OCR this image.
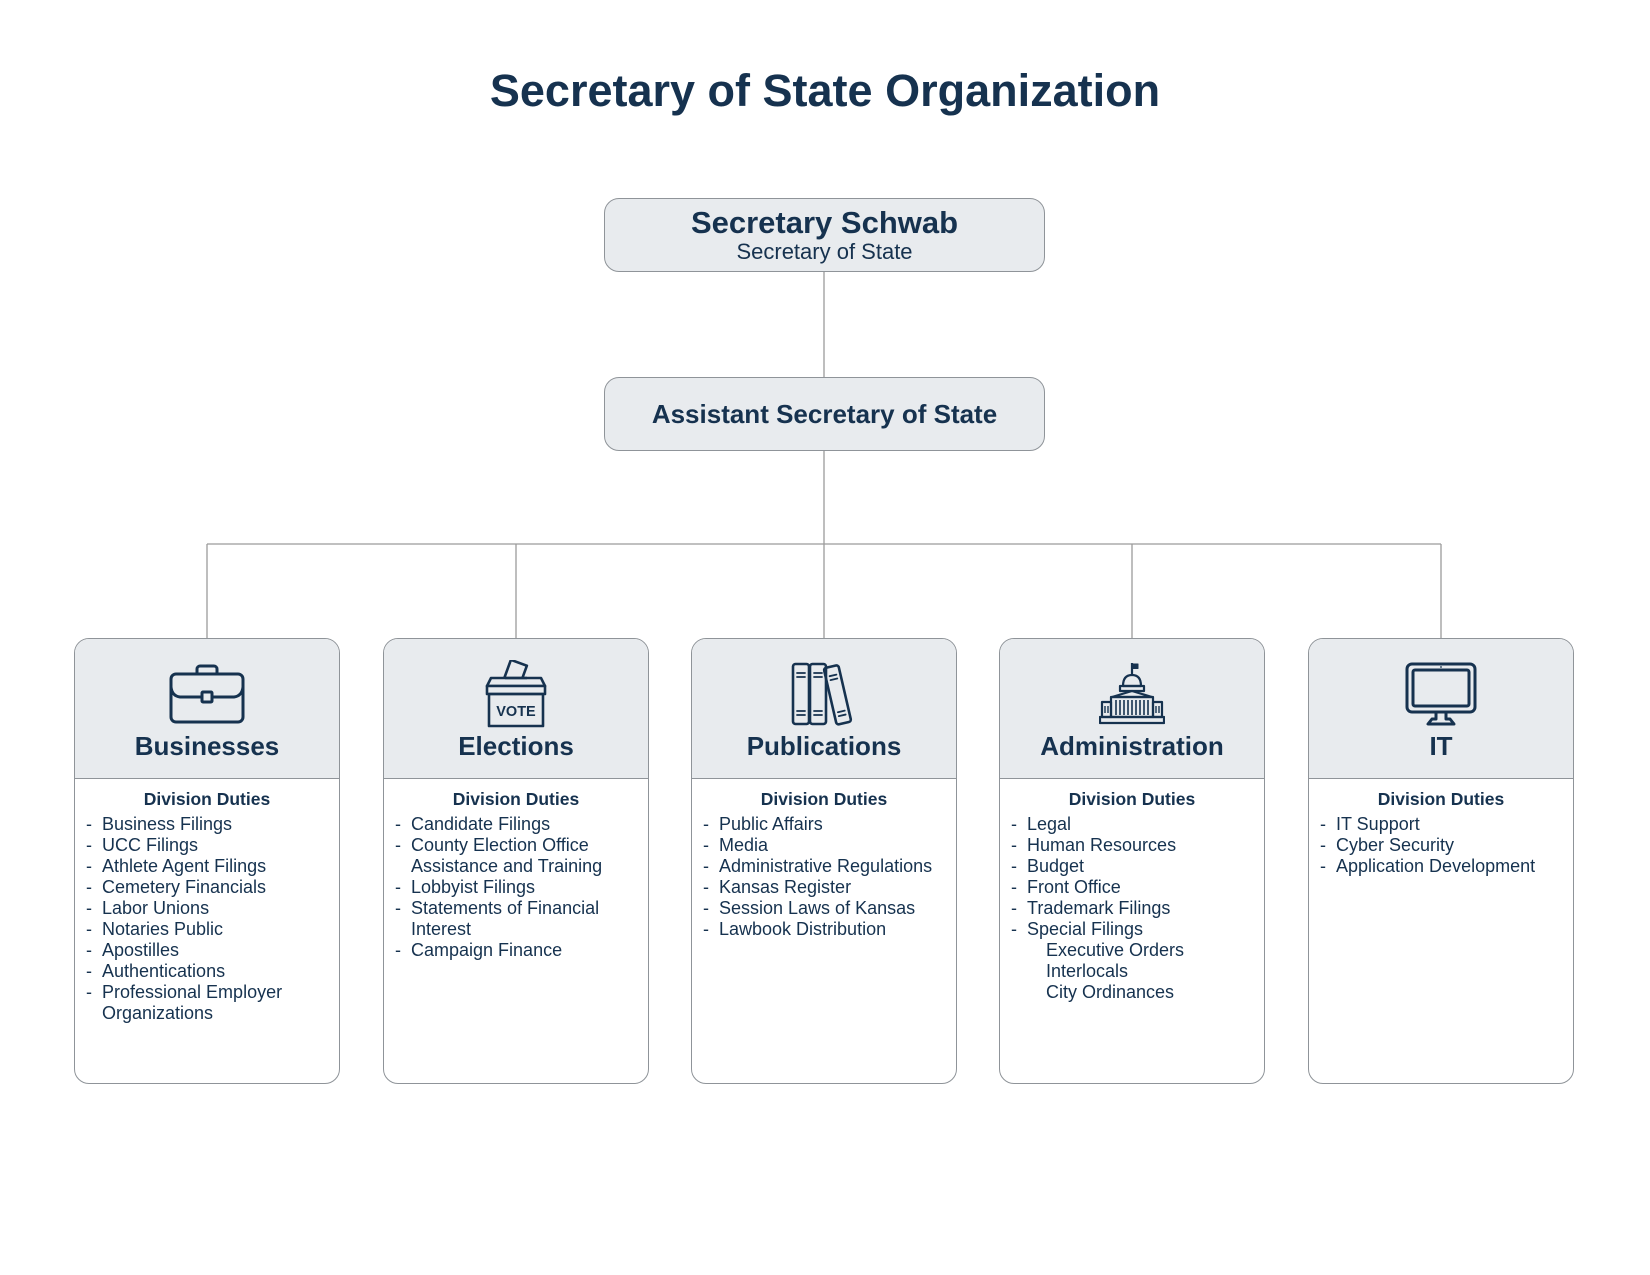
Secretary of State Organization
Secretary Schwab
Secretary of State
Assistant Secretary of State
Businesses
Division Duties
- Business Filings
- UCC Filings
- Athlete Agent Filings
- Cemetery Financials
- Labor Unions
- Notaries Public
- Apostilles
- Authentications
- Professional Employer Organizations
VOTE
Elections
Division Duties
- Candidate Filings
- County Election Office Assistance and Training
- Lobbyist Filings
- Statements of Financial Interest
- Campaign Finance
Publications
Division Duties
- Public Affairs
- Media
- Administrative Regulations
- Kansas Register
- Session Laws of Kansas
- Lawbook Distribution
Administration
Division Duties
- Legal
- Human Resources
- Budget
- Front Office
- Trademark Filings
- Special Filings
Executive Orders
Interlocals
City Ordinances
IT
Division Duties
- IT Support
- Cyber Security
- Application Development
